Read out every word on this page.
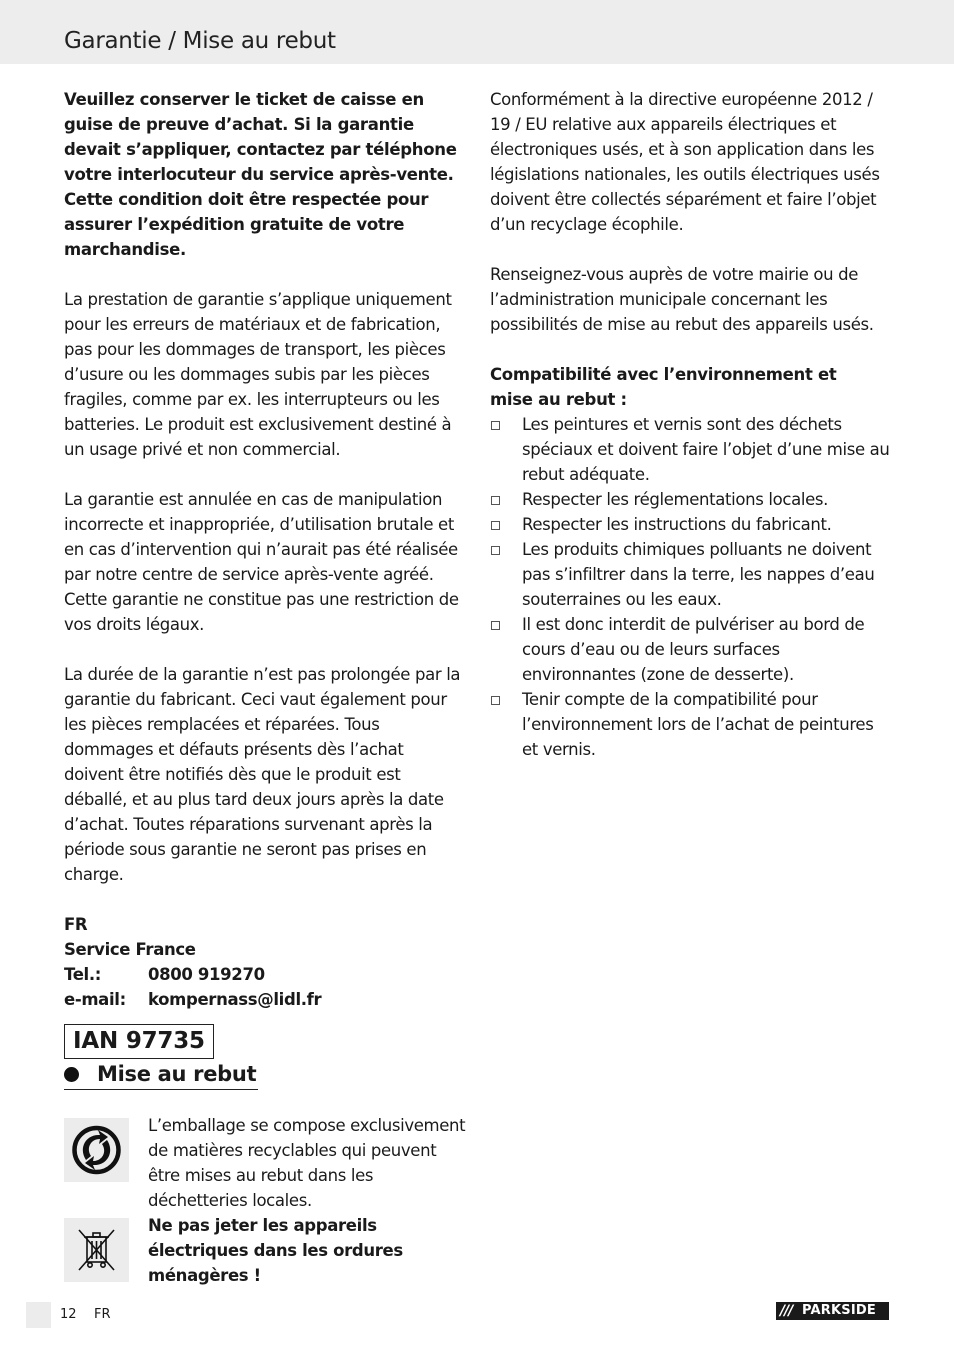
Garantie / Mise au rebut

Veuillez conserver le ticket de caisse en guise de preuve d’achat. Si la garantie devait s’appliquer, contactez par téléphone votre interlocuteur du service après-vente. Cette condition doit être respectée pour assurer l’expédition gratuite de votre marchandise.

La prestation de garantie s’applique uniquement pour les erreurs de matériaux et de fabrication, pas pour les dommages de transport, les pièces d’usure ou les dommages subis par les pièces fragiles, comme par ex. les interrupteurs ou les batteries. Le produit est exclusivement destiné à un usage privé et non commercial.

La garantie est annulée en cas de manipulation incorrecte et inappropriée, d’utilisation brutale et en cas d’intervention qui n’aurait pas été réalisée par notre centre de service après-vente agréé. Cette garantie ne constitue pas une restriction de vos droits légaux.

La durée de la garantie n’est pas prolongée par la garantie du fabricant. Ceci vaut également pour les pièces remplacées et réparées. Tous dommages et défauts présents dès l’achat doivent être notifiés dès que le produit est déballé, et au plus tard deux jours après la date d’achat. Toutes réparations survenant après la période sous garantie ne seront pas prises en charge.

FR
Service France
Tel.:	0800 919270
e-mail:	kompernass@lidl.fr
IAN 97735
Mise au rebut
L’emballage se compose exclusivement de matières recyclables qui peuvent être mises au rebut dans les déchetteries locales.
Ne pas jeter les appareils électriques dans les ordures ménagères !

Conformément à la directive européenne 2012 / 19 / EU relative aux appareils électriques et électroniques usés, et à son application dans les législations nationales, les outils électriques usés doivent être collectés séparément et faire l’objet d’un recyclage écophile.

Renseignez-vous auprès de votre mairie ou de l’administration municipale concernant les possibilités de mise au rebut des appareils usés.

Compatibilité avec l’environnement et mise au rebut :

Les peintures et vernis sont des déchets spéciaux et doivent faire l’objet d’une mise au rebut adéquate.
Respecter les réglementations locales.
Respecter les instructions du fabricant.
Les produits chimiques polluants ne doivent pas s’infiltrer dans la terre, les nappes d’eau souterraines ou les eaux.
Il est donc interdit de pulvériser au bord de cours d’eau ou de leurs surfaces environnantes (zone de desserte).
Tenir compte de la compatibilité pour l’environnement lors de l’achat de peintures et vernis.
12 FR	/// PARKSIDE
